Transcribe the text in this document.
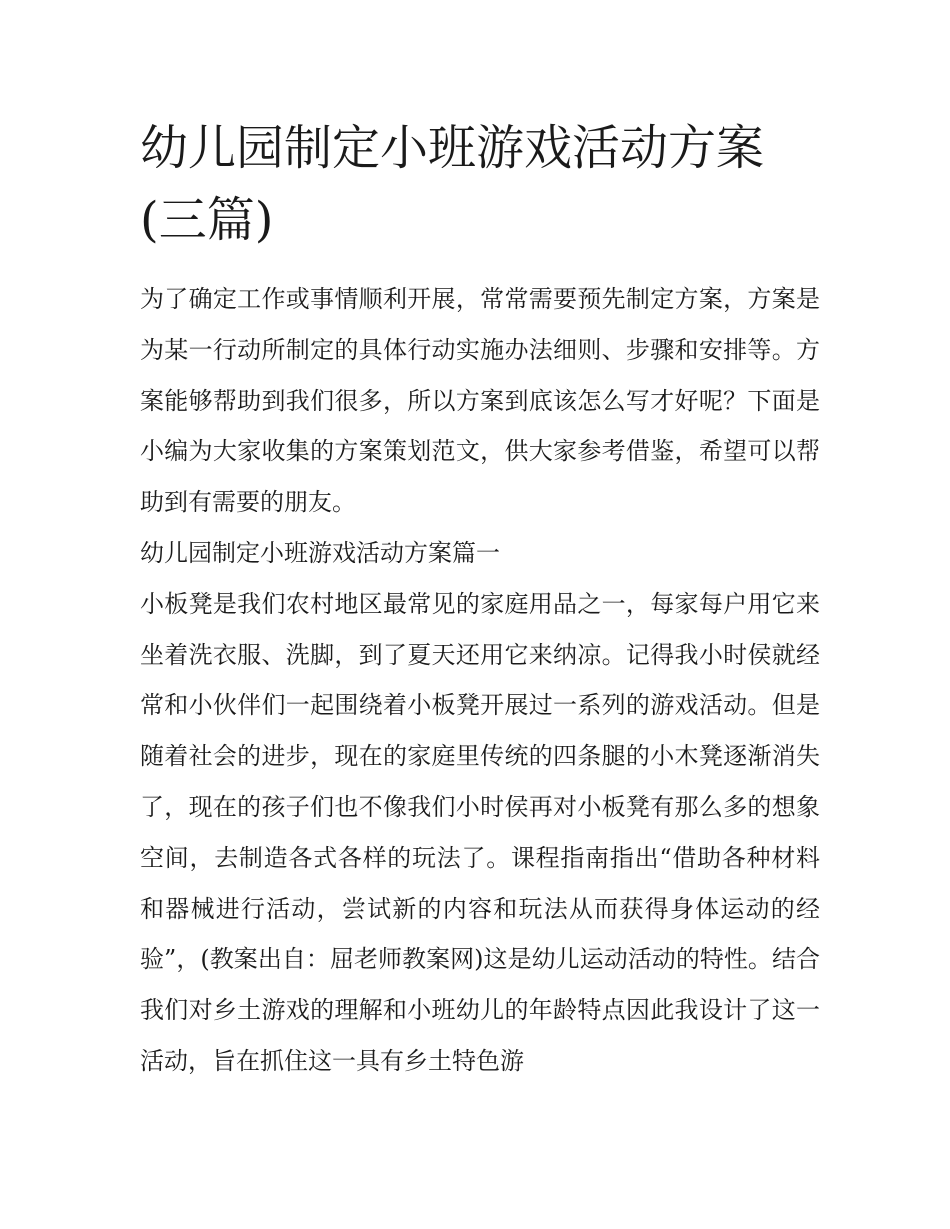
幼儿园制定小班游戏活动方案(三篇)

为了确定工作或事情顺利开展，常常需要预先制定方案，方案是为某一行动所制定的具体行动实施办法细则、步骤和安排等。方案能够帮助到我们很多，所以方案到底该怎么写才好呢？下面是小编为大家收集的方案策划范文，供大家参考借鉴，希望可以帮助到有需要的朋友。

幼儿园制定小班游戏活动方案篇一

小板凳是我们农村地区最常见的家庭用品之一，每家每户用它来坐着洗衣服、洗脚，到了夏天还用它来纳凉。记得我小时侯就经常和小伙伴们一起围绕着小板凳开展过一系列的游戏活动。但是随着社会的进步，现在的家庭里传统的四条腿的小木凳逐渐消失了，现在的孩子们也不像我们小时侯再对小板凳有那么多的想象空间，去制造各式各样的玩法了。课程指南指出“借助各种材料和器械进行活动，尝试新的内容和玩法从而获得身体运动的经验”，(教案出自：屈老师教案网)这是幼儿运动活动的特性。结合我们对乡土游戏的理解和小班幼儿的年龄特点因此我设计了这一活动，旨在抓住这一具有乡土特色游
